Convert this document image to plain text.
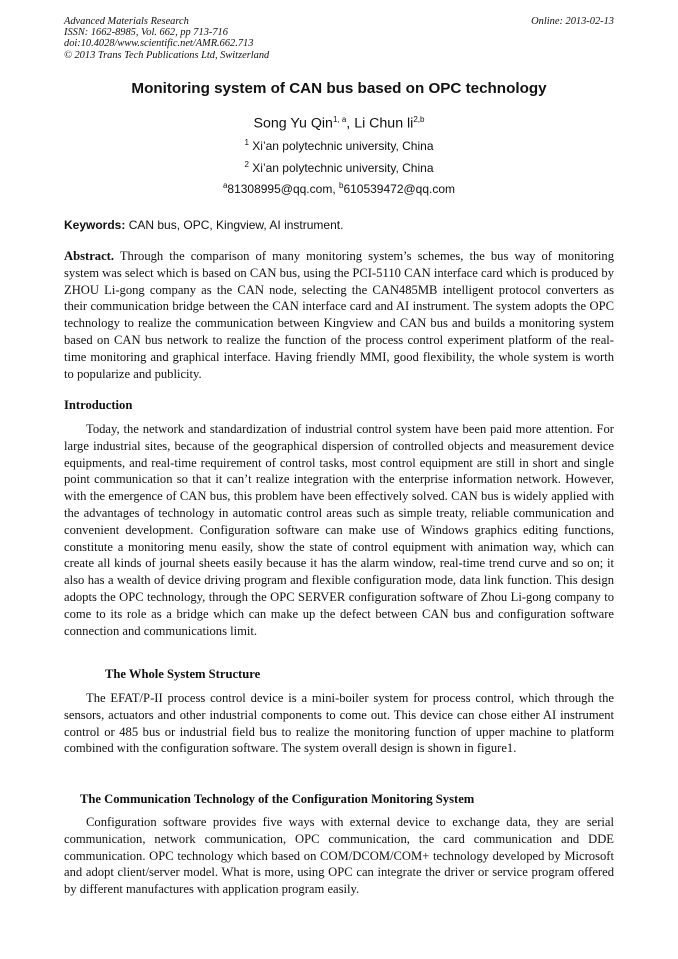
Advanced Materials Research
ISSN: 1662-8985, Vol. 662, pp 713-716
doi:10.4028/www.scientific.net/AMR.662.713
© 2013 Trans Tech Publications Ltd, Switzerland
Online: 2013-02-13
Monitoring system of CAN bus based on OPC technology
Song Yu Qin$^{1, a}$, Li Chun li$^{2,b}$
$^1$ Xi’an polytechnic university, China
$^2$ Xi’an polytechnic university, China
$^a$81308995@qq.com, $^b$610539472@qq.com
Keywords: CAN bus, OPC, Kingview, AI instrument.
Abstract. Through the comparison of many monitoring system’s schemes, the bus way of monitoring system was select which is based on CAN bus, using the PCI-5110 CAN interface card which is produced by ZHOU Li-gong company as the CAN node, selecting the CAN485MB intelligent protocol converters as their communication bridge between the CAN interface card and AI instrument. The system adopts the OPC technology to realize the communication between Kingview and CAN bus and builds a monitoring system based on CAN bus network to realize the function of the process control experiment platform of the real-time monitoring and graphical interface. Having friendly MMI, good flexibility, the whole system is worth to popularize and publicity.
Introduction
Today, the network and standardization of industrial control system have been paid more attention. For large industrial sites, because of the geographical dispersion of controlled objects and measurement device equipments, and real-time requirement of control tasks, most control equipment are still in short and single point communication so that it can’t realize integration with the enterprise information network. However, with the emergence of CAN bus, this problem have been effectively solved. CAN bus is widely applied with the advantages of technology in automatic control areas such as simple treaty, reliable communication and convenient development. Configuration software can make use of Windows graphics editing functions, constitute a monitoring menu easily, show the state of control equipment with animation way, which can create all kinds of journal sheets easily because it has the alarm window, real-time trend curve and so on; it also has a wealth of device driving program and flexible configuration mode, data link function. This design adopts the OPC technology, through the OPC SERVER configuration software of Zhou Li-gong company to come to its role as a bridge which can make up the defect between CAN bus and configuration software connection and communications limit.
The Whole System Structure
The EFAT/P-II process control device is a mini-boiler system for process control, which through the sensors, actuators and other industrial components to come out. This device can chose either AI instrument control or 485 bus or industrial field bus to realize the monitoring function of upper machine to platform combined with the configuration software. The system overall design is shown in figure1.
The Communication Technology of the Configuration Monitoring System
Configuration software provides five ways with external device to exchange data, they are serial communication, network communication, OPC communication, the card communication and DDE communication. OPC technology which based on COM/DCOM/COM+ technology developed by Microsoft and adopt client/server model. What is more, using OPC can integrate the driver or service program offered by different manufactures with application program easily.
